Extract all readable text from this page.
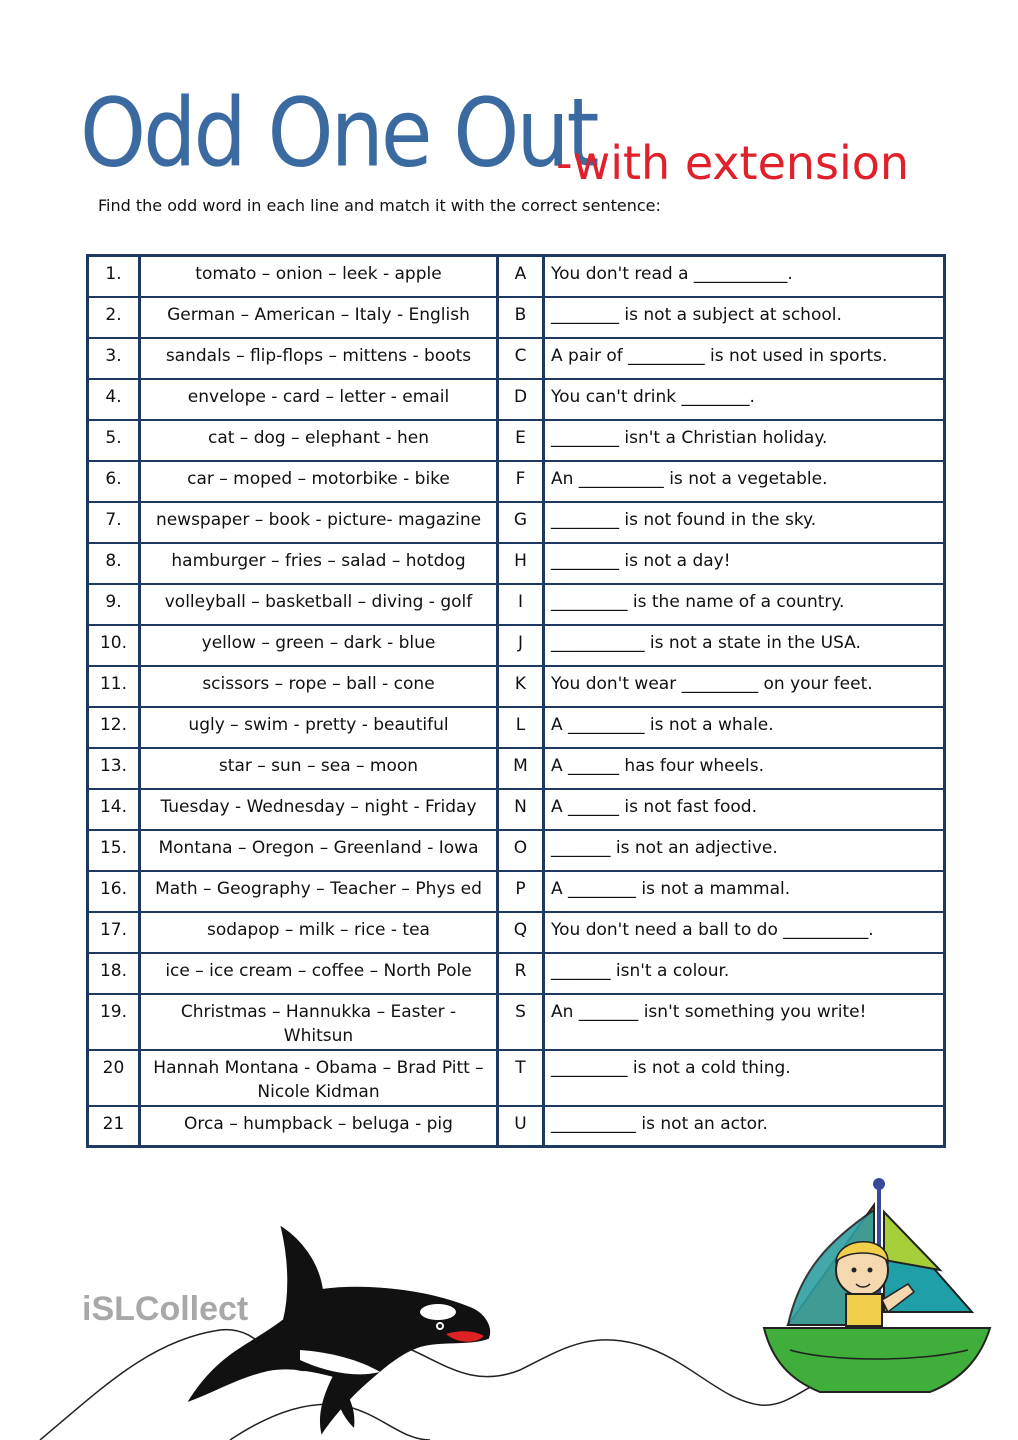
Odd One Out
-with extension
Find the odd word in each line and match it with the correct sentence:
1.	tomato – onion – leek - apple	A	You don't read a ___________.
2.	German – American – Italy - English	B	________ is not a subject at school.
3.	sandals – flip-flops – mittens - boots	C	A pair of _________ is not used in sports.
4.	envelope - card – letter - email	D	You can't drink ________.
5.	cat – dog – elephant - hen	E	________ isn't a Christian holiday.
6.	car – moped – motorbike - bike	F	An __________ is not a vegetable.
7.	newspaper – book - picture- magazine	G	________ is not found in the sky.
8.	hamburger – fries – salad – hotdog	H	________ is not a day!
9.	volleyball – basketball – diving - golf	I	_________ is the name of a country.
10.	yellow – green – dark - blue	J	___________ is not a state in the USA.
11.	scissors – rope – ball - cone	K	You don't wear _________ on your feet.
12.	ugly – swim - pretty - beautiful	L	A _________ is not a whale.
13.	star – sun – sea – moon	M	A ______ has four wheels.
14.	Tuesday - Wednesday – night - Friday	N	A ______ is not fast food.
15.	Montana – Oregon – Greenland - Iowa	O	_______ is not an adjective.
16.	Math – Geography – Teacher – Phys ed	P	A ________ is not a mammal.
17.	sodapop – milk – rice - tea	Q	You don't need a ball to do __________.
18.	ice – ice cream – coffee – North Pole	R	_______ isn't a colour.
19.	Christmas – Hannukka – Easter - Whitsun	S	An _______ isn't something you write!
20	Hannah Montana - Obama – Brad Pitt – Nicole Kidman	T	_________ is not a cold thing.
21	Orca – humpback – beluga - pig	U	__________ is not an actor.
iSLCollect
